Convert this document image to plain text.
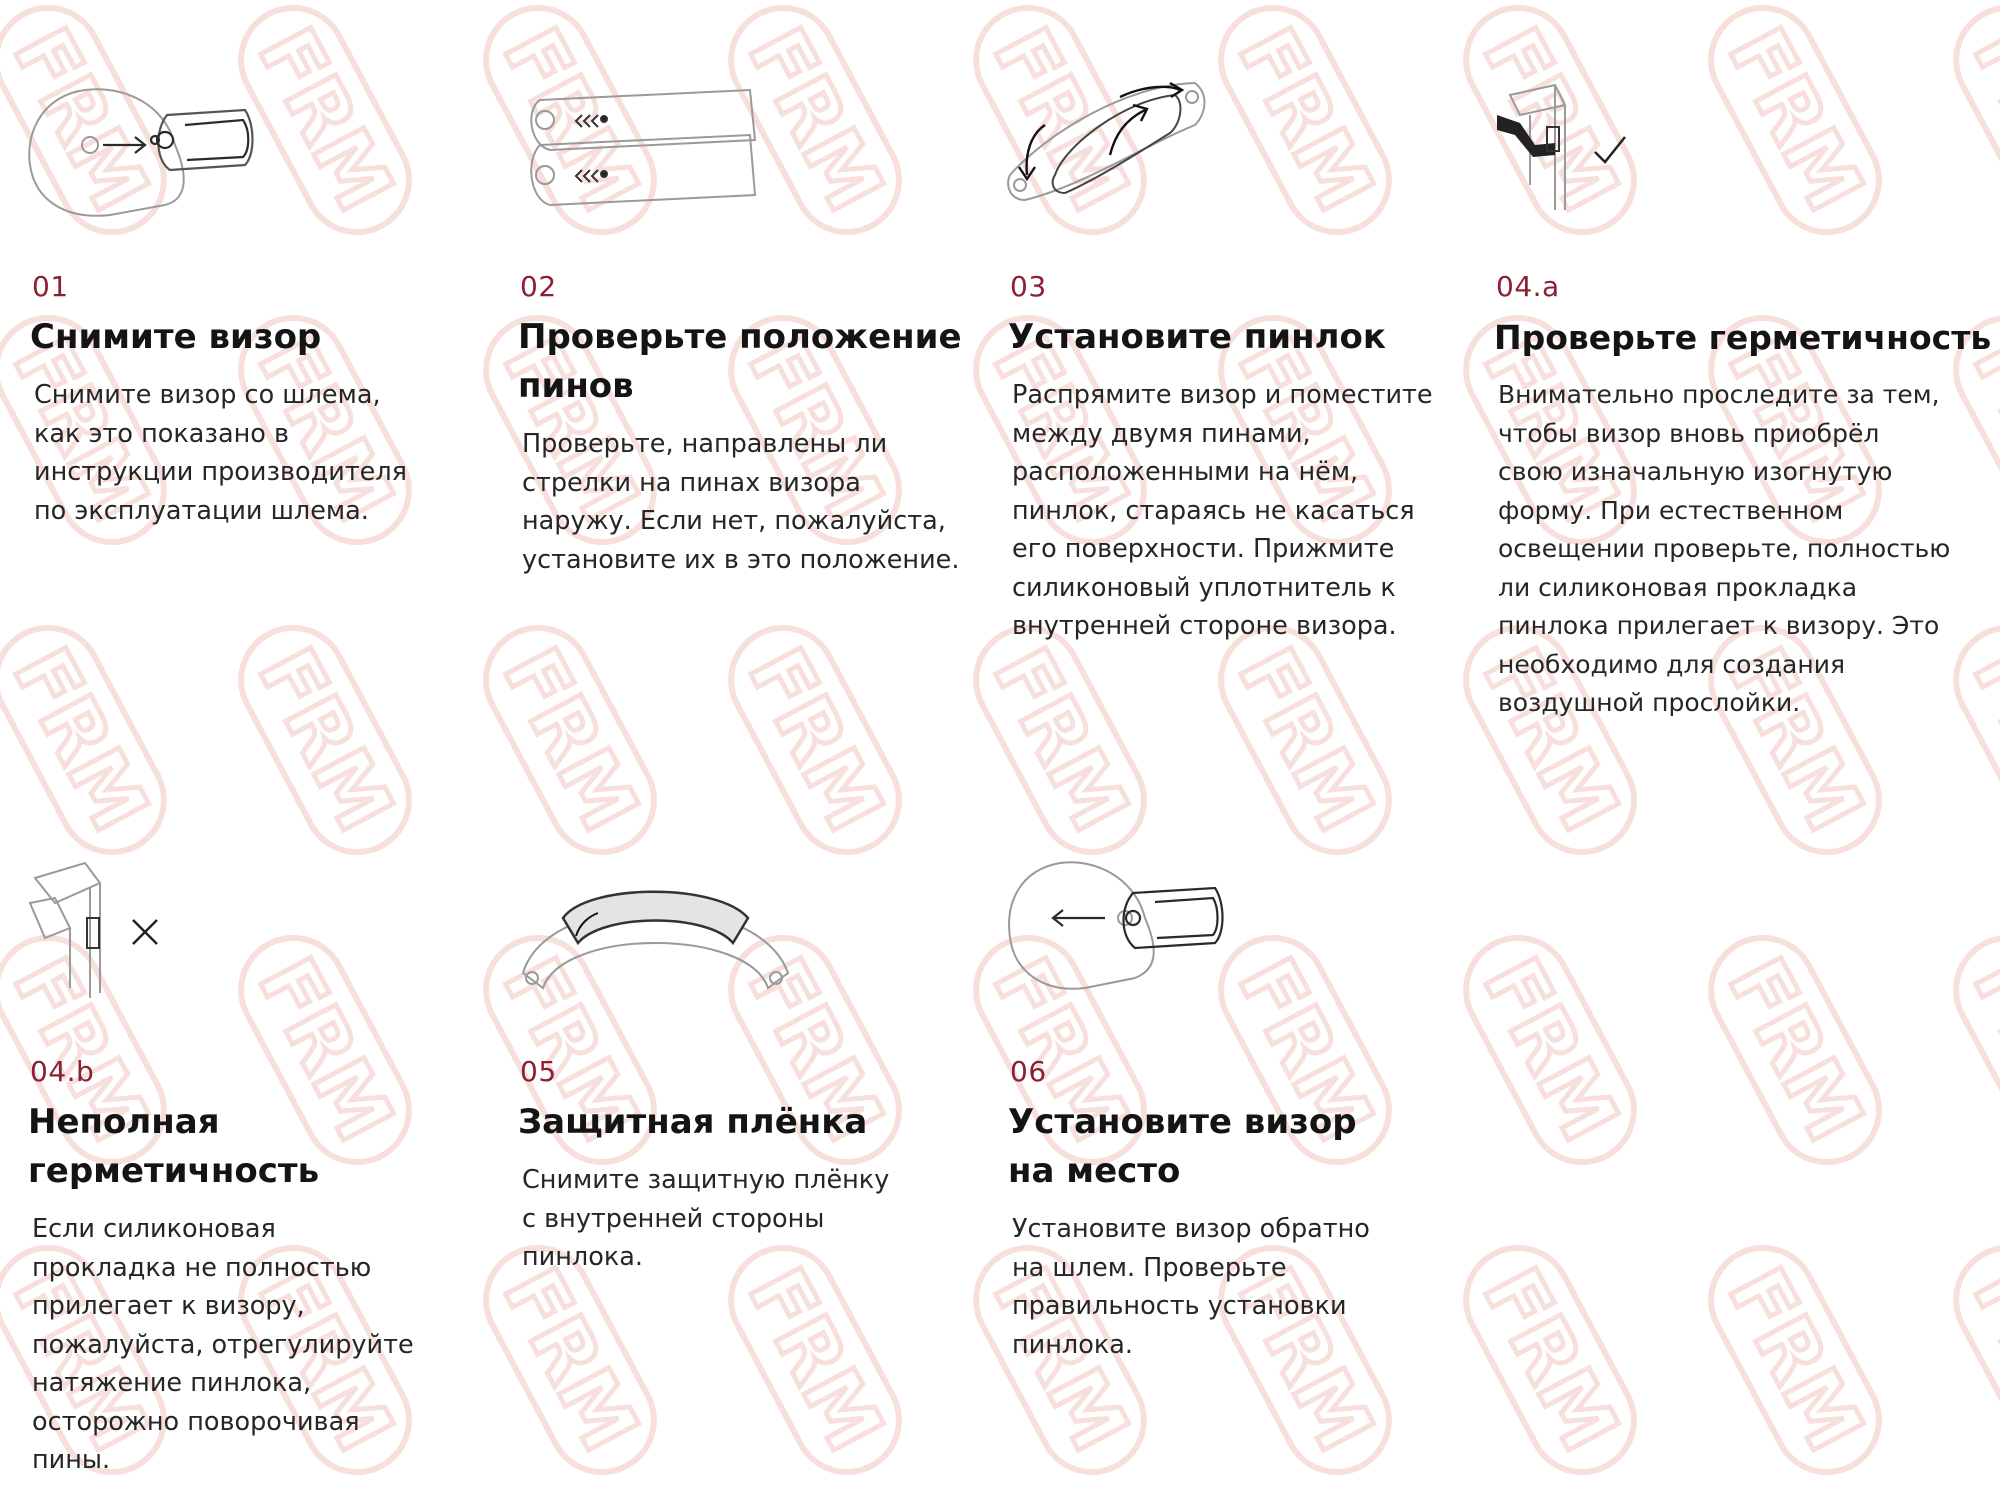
01
Снимите визор
Снимите визор со шлема,
как это показано в
инструкции производителя
по эксплуатации шлема.
02
Проверьте положение
пинов
Проверьте, направлены ли
стрелки на пинах визора
наружу. Если нет, пожалуйста,
установите их в это положение.
03
Установите пинлок
Распрямите визор и поместите
между двумя пинами,
расположенными на нём,
пинлок, стараясь не касаться
его поверхности. Прижмите
силиконовый уплотнитель к
внутренней стороне визора.
04.a
Проверьте герметичность
Внимательно проследите за тем,
чтобы визор вновь приобрёл
свою изначальную изогнутую
форму. При естественном
освещении проверьте, полностью
ли силиконовая прокладка
пинлока прилегает к визору. Это
необходимо для создания
воздушной прослойки.
04.b
Неполная
герметичность
Если силиконовая
прокладка не полностью
прилегает к визору,
пожалуйста, отрегулируйте
натяжение пинлока,
осторожно поворочивая
пины.
05
Защитная плёнка
Снимите защитную плёнку
с внутренней стороны
пинлока.
06
Установите визор
на место
Установите визор обратно
на шлем. Проверьте
правильность установки
пинлока.
